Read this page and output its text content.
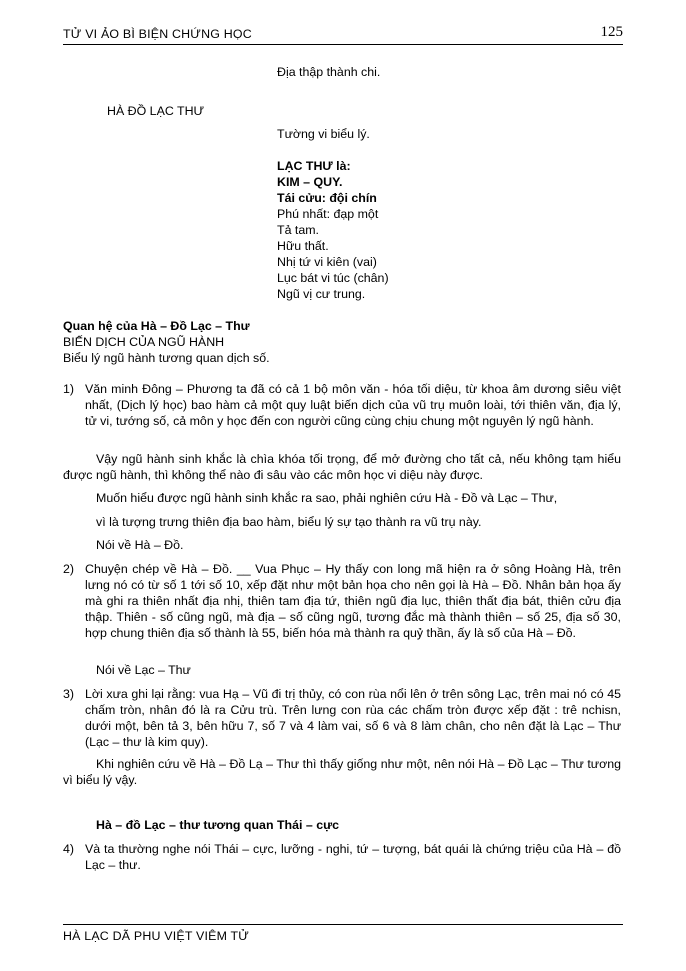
TỬ VI ẢO BÌ BIỆN CHỨNG HỌC	125
Địa thập thành chi.
HÀ ĐỒ LẠC THƯ
Tường vi biểu lý.
LẠC THƯ là:
KIM – QUY.
Tái cửu: đội chín
Phú nhất: đạp một
Tả tam.
Hữu thất.
Nhị tứ vi kiên (vai)
Lục bát vi túc (chân)
Ngũ vị cư trung.
Quan hệ của Hà – Đồ Lạc – Thư
BIẾN DỊCH CỦA NGŨ HÀNH
Biểu lý ngũ hành tương quan dịch số.
1) Văn minh Đông – Phương ta đã có cả 1 bộ môn văn - hóa tối diệu, từ khoa âm dương siêu việt nhất, (Dịch lý học) bao hàm cả một quy luật biến dịch của vũ trụ muôn loài, tới thiên văn, địa lý, tử vi, tướng số, cả môn y học đến con người cũng cùng chịu chung một nguyên lý ngũ hành.
Vậy ngũ hành sinh khắc là chìa khóa tối trọng, để mở đường cho tất cả, nếu không tạm hiểu được ngũ hành, thì không thể nào đi sâu vào các môn học vi diệu này được.
Muốn hiểu được ngũ hành sinh khắc ra sao, phải nghiên cứu Hà - Đồ và Lạc – Thư,
vì là tượng trưng thiên địa bao hàm, biểu lý sự tạo thành ra vũ trụ này.
Nói về Hà – Đồ.
2) Chuyện chép về Hà – Đồ. __ Vua Phục – Hy thấy con long mã hiện ra ở sông Hoàng Hà, trên lưng nó có từ số 1 tới số 10, xếp đặt như một bản họa cho nên gọi là Hà – Đồ. Nhân bản họa ấy mà ghi ra thiên nhất địa nhị, thiên tam địa tứ, thiên ngũ địa lục, thiên thất địa bát, thiên cửu địa thập. Thiên - số cũng ngũ, mà địa – số cũng ngũ, tương đắc mà thành thiên – số 25, địa số 30, hợp chung thiên địa số thành là 55, biến hóa mà thành ra quỷ thần, ấy là số của Hà – Đồ.
Nói về Lạc – Thư
3) Lời xưa ghi lại rằng: vua Hạ – Vũ đi trị thủy, có con rùa nổi lên ở trên sông Lạc, trên mai nó có 45 chấm tròn, nhân đó là ra Cửu trù. Trên lưng con rùa các chấm tròn được xếp đặt : trê nchisn, dưới một, bên tả 3, bên hữu 7, số 7 và 4 làm vai, số 6 và 8 làm chân, cho nên đặt là Lạc – Thư (Lạc – thư là kim quy).
Khi nghiên cứu về Hà – Đồ Lạ – Thư thì thấy giống như một, nên nói Hà – Đồ Lạc – Thư tương vì biểu lý vậy.
Hà – đồ Lạc – thư tương quan Thái – cực
4) Và ta thường nghe nói Thái – cực, lưỡng - nghi, tứ – tượng, bát quái là chứng triệu của Hà – đồ Lạc – thư.
HÀ LẠC DÃ PHU VIỆT VIÊM TỬ
